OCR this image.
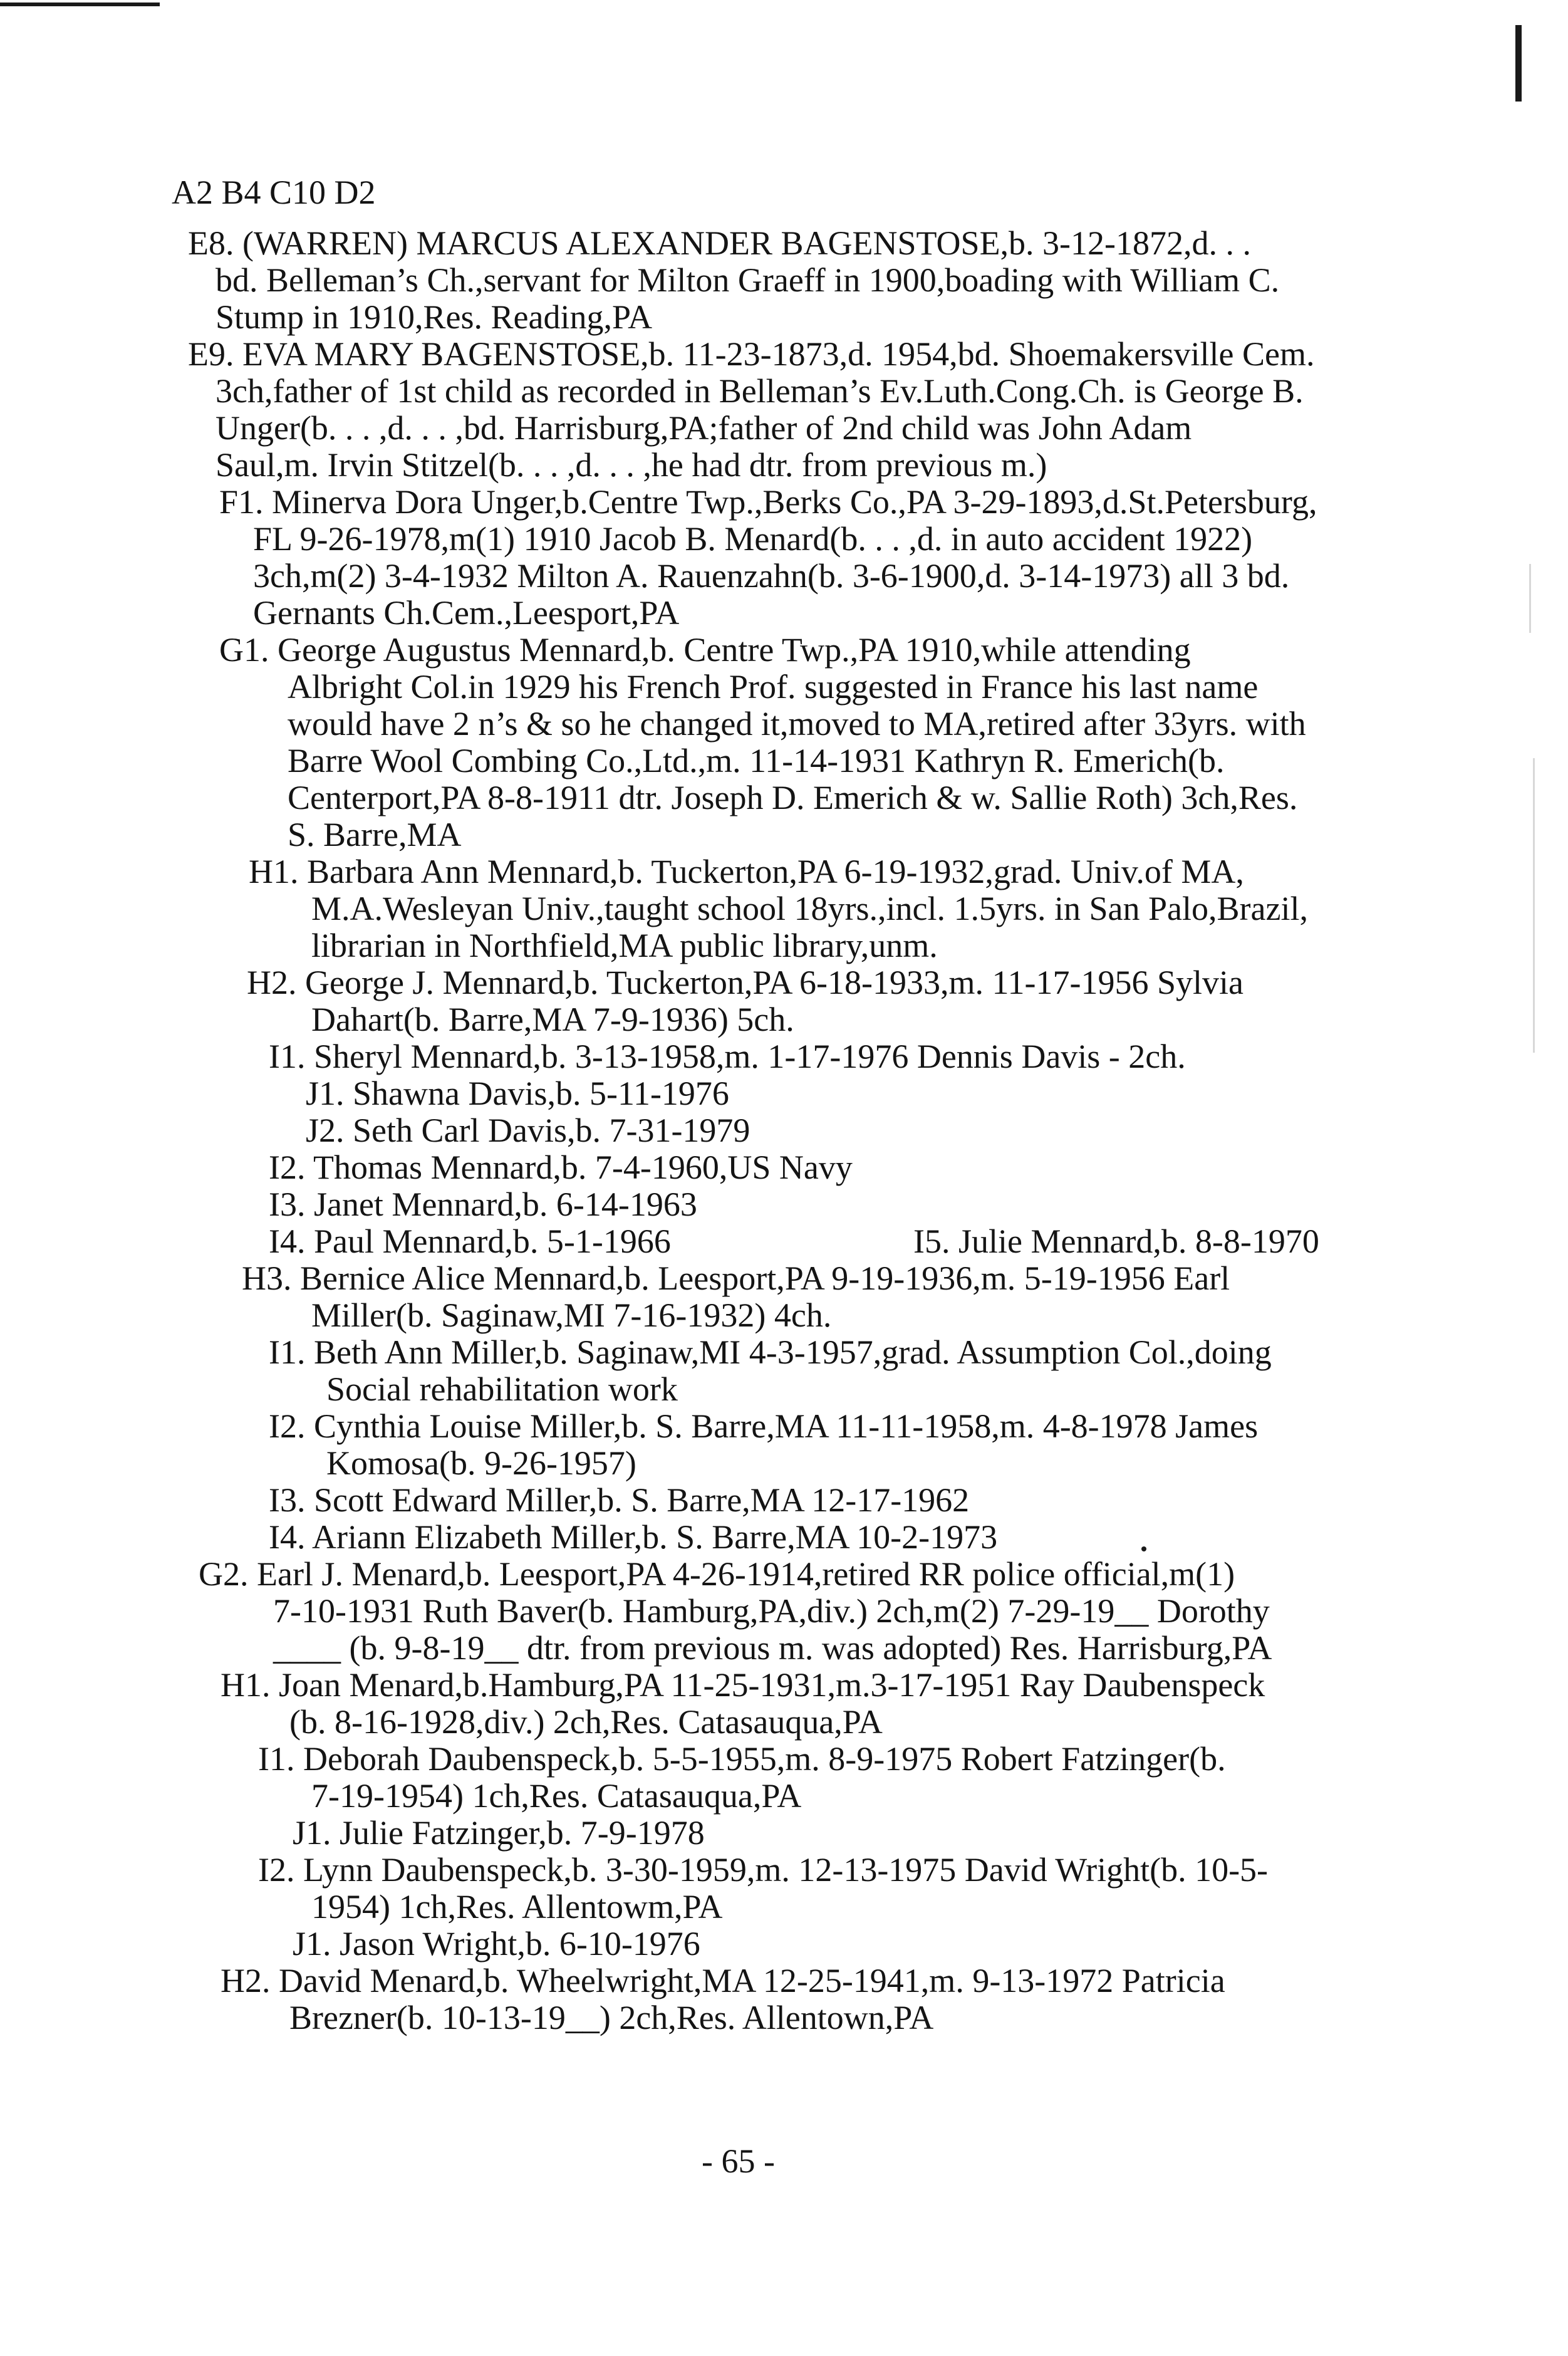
A2 B4 C10 D2

E8. (WARREN) MARCUS ALEXANDER BAGENSTOSE,b. 3-12-1872,d. . .

bd. Belleman’s Ch.,servant for Milton Graeff in 1900,boading with William C.

Stump in 1910,Res. Reading,PA

E9. EVA MARY BAGENSTOSE,b. 11-23-1873,d. 1954,bd. Shoemakersville Cem.

3ch,father of 1st child as recorded in Belleman’s Ev.Luth.Cong.Ch. is George B.

Unger(b. . . ,d. . . ,bd. Harrisburg,PA;father of 2nd child was John Adam

Saul,m. Irvin Stitzel(b. . . ,d. . . ,he had dtr. from previous m.)

F1. Minerva Dora Unger,b.Centre Twp.,Berks Co.,PA 3-29-1893,d.St.Petersburg,

FL 9-26-1978,m(1) 1910 Jacob B. Menard(b. . . ,d. in auto accident 1922)

3ch,m(2) 3-4-1932 Milton A. Rauenzahn(b. 3-6-1900,d. 3-14-1973) all 3 bd.

Gernants Ch.Cem.,Leesport,PA

G1. George Augustus Mennard,b. Centre Twp.,PA 1910,while attending

Albright Col.in 1929 his French Prof. suggested in France his last name

would have 2 n’s & so he changed it,moved to MA,retired after 33yrs. with

Barre Wool Combing Co.,Ltd.,m. 11-14-1931 Kathryn R. Emerich(b.

Centerport,PA 8-8-1911 dtr. Joseph D. Emerich & w. Sallie Roth) 3ch,Res.

S. Barre,MA

H1. Barbara Ann Mennard,b. Tuckerton,PA 6-19-1932,grad. Univ.of MA,

M.A.Wesleyan Univ.,taught school 18yrs.,incl. 1.5yrs. in San Palo,Brazil,

librarian in Northfield,MA public library,unm.

H2. George J. Mennard,b. Tuckerton,PA 6-18-1933,m. 11-17-1956 Sylvia

Dahart(b. Barre,MA 7-9-1936) 5ch.

I1. Sheryl Mennard,b. 3-13-1958,m. 1-17-1976 Dennis Davis - 2ch.

J1. Shawna Davis,b. 5-11-1976

J2. Seth Carl Davis,b. 7-31-1979

I2. Thomas Mennard,b. 7-4-1960,US Navy

I3. Janet Mennard,b. 6-14-1963

I4. Paul Mennard,b. 5-1-1966	I5. Julie Mennard,b. 8-8-1970

H3. Bernice Alice Mennard,b. Leesport,PA 9-19-1936,m. 5-19-1956 Earl

Miller(b. Saginaw,MI 7-16-1932) 4ch.

I1. Beth Ann Miller,b. Saginaw,MI 4-3-1957,grad. Assumption Col.,doing

Social rehabilitation work

I2. Cynthia Louise Miller,b. S. Barre,MA 11-11-1958,m. 4-8-1978 James

Komosa(b. 9-26-1957)

I3. Scott Edward Miller,b. S. Barre,MA 12-17-1962

I4. Ariann Elizabeth Miller,b. S. Barre,MA 10-2-1973

G2. Earl J. Menard,b. Leesport,PA 4-26-1914,retired RR police official,m(1)

7-10-1931 Ruth Baver(b. Hamburg,PA,div.) 2ch,m(2) 7-29-19__ Dorothy

____ (b. 9-8-19__ dtr. from previous m. was adopted) Res. Harrisburg,PA

H1. Joan Menard,b.Hamburg,PA 11-25-1931,m.3-17-1951 Ray Daubenspeck

(b. 8-16-1928,div.) 2ch,Res. Catasauqua,PA

I1. Deborah Daubenspeck,b. 5-5-1955,m. 8-9-1975 Robert Fatzinger(b.

7-19-1954) 1ch,Res. Catasauqua,PA

J1. Julie Fatzinger,b. 7-9-1978

I2. Lynn Daubenspeck,b. 3-30-1959,m. 12-13-1975 David Wright(b. 10-5-

1954) 1ch,Res. Allentowm,PA

J1. Jason Wright,b. 6-10-1976

H2. David Menard,b. Wheelwright,MA 12-25-1941,m. 9-13-1972 Patricia

Brezner(b. 10-13-19__) 2ch,Res. Allentown,PA

- 65 -
